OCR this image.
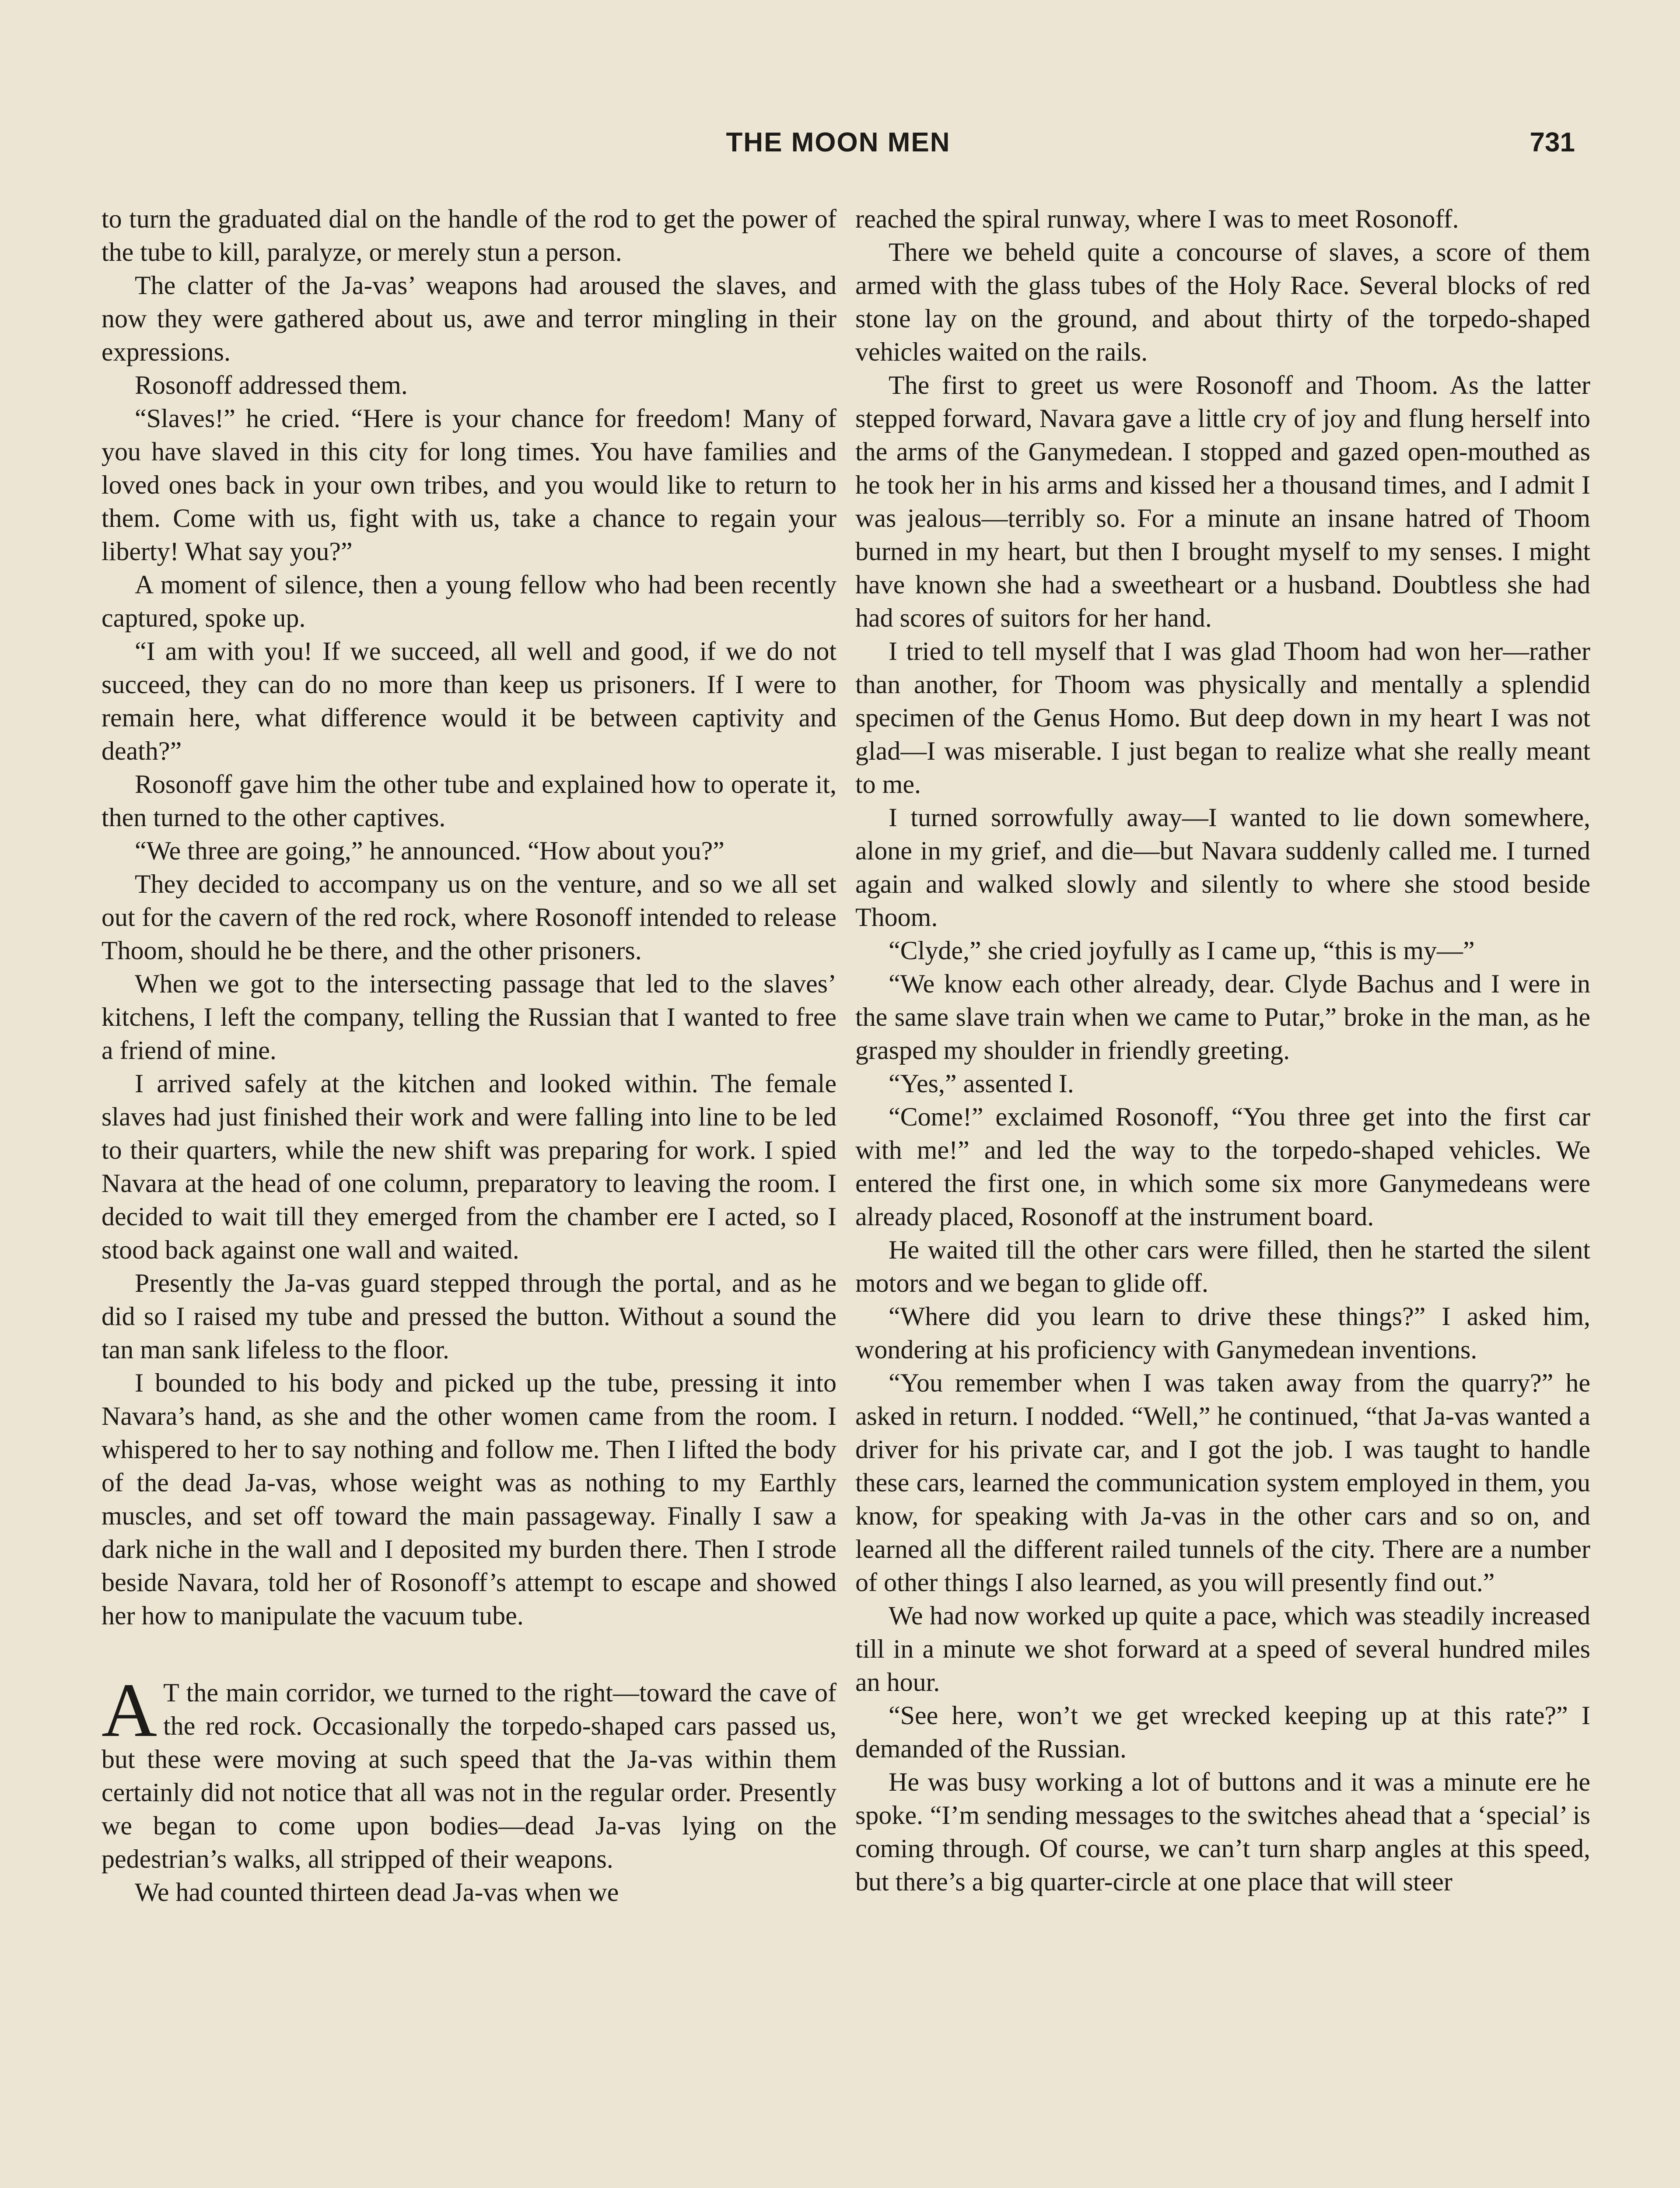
THE MOON MEN	731

to turn the graduated dial on the handle of the rod to get the power of the tube to kill, paralyze, or merely stun a person.

The clatter of the Ja-vas’ weapons had aroused the slaves, and now they were gathered about us, awe and terror mingling in their expressions.

Rosonoff addressed them.

“Slaves!” he cried. “Here is your chance for freedom! Many of you have slaved in this city for long times. You have families and loved ones back in your own tribes, and you would like to return to them. Come with us, fight with us, take a chance to regain your liberty! What say you?”

A moment of silence, then a young fellow who had been recently captured, spoke up.

“I am with you! If we succeed, all well and good, if we do not succeed, they can do no more than keep us prisoners. If I were to remain here, what difference would it be between captivity and death?”

Rosonoff gave him the other tube and explained how to operate it, then turned to the other captives.

“We three are going,” he announced. “How about you?”

They decided to accompany us on the venture, and so we all set out for the cavern of the red rock, where Rosonoff intended to release Thoom, should he be there, and the other prisoners.

When we got to the intersecting passage that led to the slaves’ kitchens, I left the company, telling the Russian that I wanted to free a friend of mine.

I arrived safely at the kitchen and looked within. The female slaves had just finished their work and were falling into line to be led to their quarters, while the new shift was preparing for work. I spied Navara at the head of one column, preparatory to leaving the room. I decided to wait till they emerged from the chamber ere I acted, so I stood back against one wall and waited.

Presently the Ja-vas guard stepped through the portal, and as he did so I raised my tube and pressed the button. Without a sound the tan man sank lifeless to the floor.

I bounded to his body and picked up the tube, pressing it into Navara’s hand, as she and the other women came from the room. I whispered to her to say nothing and follow me. Then I lifted the body of the dead Ja-vas, whose weight was as nothing to my Earthly muscles, and set off toward the main passageway. Finally I saw a dark niche in the wall and I deposited my burden there. Then I strode beside Navara, told her of Rosonoff’s attempt to escape and showed her how to manipulate the vacuum tube.

A T the main corridor, we turned to the right—toward the cave of the red rock. Occasionally the torpedo-shaped cars passed us, but these were moving at such speed that the Ja-vas within them certainly did not notice that all was not in the regular order. Presently we began to come upon bodies—dead Ja-vas lying on the pedestrian’s walks, all stripped of their weapons.

We had counted thirteen dead Ja-vas when we

reached the spiral runway, where I was to meet Rosonoff.

There we beheld quite a concourse of slaves, a score of them armed with the glass tubes of the Holy Race. Several blocks of red stone lay on the ground, and about thirty of the torpedo-shaped vehicles waited on the rails.

The first to greet us were Rosonoff and Thoom. As the latter stepped forward, Navara gave a little cry of joy and flung herself into the arms of the Ganymedean. I stopped and gazed open-mouthed as he took her in his arms and kissed her a thousand times, and I admit I was jealous—terribly so. For a minute an insane hatred of Thoom burned in my heart, but then I brought myself to my senses. I might have known she had a sweetheart or a husband. Doubtless she had had scores of suitors for her hand.

I tried to tell myself that I was glad Thoom had won her—rather than another, for Thoom was physically and mentally a splendid specimen of the Genus Homo. But deep down in my heart I was not glad—I was miserable. I just began to realize what she really meant to me.

I turned sorrowfully away—I wanted to lie down somewhere, alone in my grief, and die—but Navara suddenly called me. I turned again and walked slowly and silently to where she stood beside Thoom.

“Clyde,” she cried joyfully as I came up, “this is my—”

“We know each other already, dear. Clyde Bachus and I were in the same slave train when we came to Putar,” broke in the man, as he grasped my shoulder in friendly greeting.

“Yes,” assented I.

“Come!” exclaimed Rosonoff, “You three get into the first car with me!” and led the way to the torpedo-shaped vehicles. We entered the first one, in which some six more Ganymedeans were already placed, Rosonoff at the instrument board.

He waited till the other cars were filled, then he started the silent motors and we began to glide off.

“Where did you learn to drive these things?” I asked him, wondering at his proficiency with Ganymedean inventions.

“You remember when I was taken away from the quarry?” he asked in return. I nodded. “Well,” he continued, “that Ja-vas wanted a driver for his private car, and I got the job. I was taught to handle these cars, learned the communication system employed in them, you know, for speaking with Ja-vas in the other cars and so on, and learned all the different railed tunnels of the city. There are a number of other things I also learned, as you will presently find out.”

We had now worked up quite a pace, which was steadily increased till in a minute we shot forward at a speed of several hundred miles an hour.

“See here, won’t we get wrecked keeping up at this rate?” I demanded of the Russian.

He was busy working a lot of buttons and it was a minute ere he spoke. “I’m sending messages to the switches ahead that a ‘special’ is coming through. Of course, we can’t turn sharp angles at this speed, but there’s a big quarter-circle at one place that will steer
